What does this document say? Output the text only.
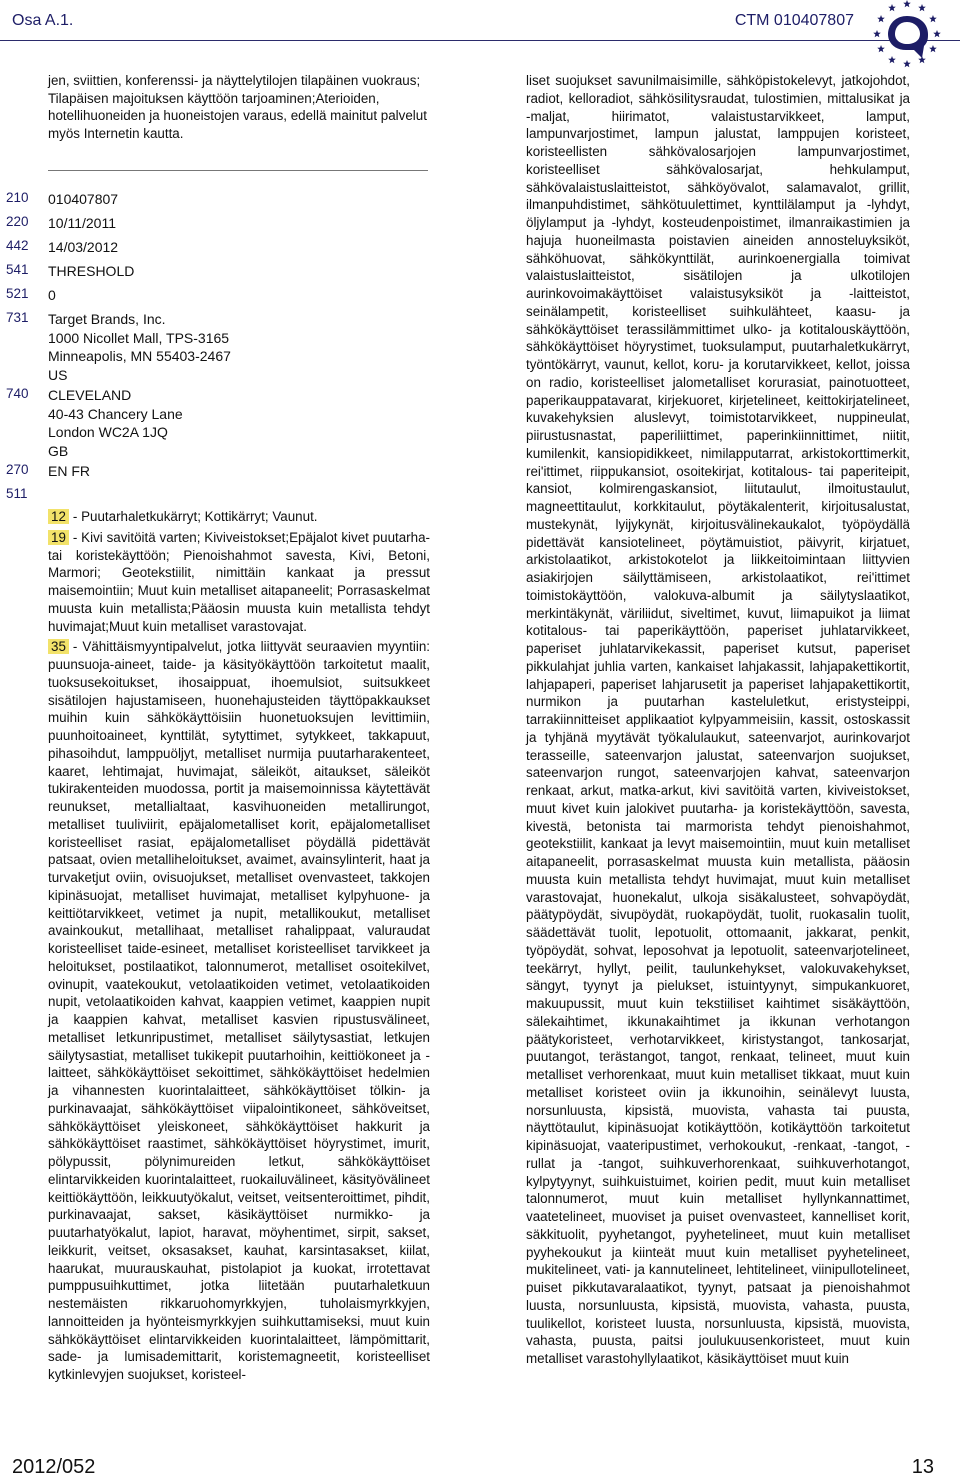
Osa A.1.	CTM 010407807

jen, sviittien, konferenssi- ja näyttelytilojen tilapäinen vuokraus; Tilapäisen majoituksen käyttöön tarjoaminen;Aterioiden, hotellihuoneiden ja huoneistojen varaus, edellä mainitut palvelut myös Internetin kautta.

210	010407807
220	10/11/2011
442	14/03/2012
541	THRESHOLD
521	0
731	Target Brands, Inc.
1000 Nicollet Mall, TPS-3165
Minneapolis, MN 55403-2467
US
740	CLEVELAND
40-43 Chancery Lane
London WC2A 1JQ
GB
270	EN FR
511

12 - Puutarhaletkukärryt; Kottikärryt; Vaunut.

19 - Kivi savitöitä varten; Kiviveistokset;Epäjalot kivet puutarha- tai koristekäyttöön; Pienoishahmot savesta, Kivi, Betoni, Marmori; Geotekstiilit, nimittäin kankaat ja pressut maisemointiin; Muut kuin metalliset aitapaneelit; Porrasaskelmat muusta kuin metallista;Pääosin muusta kuin metallista tehdyt huvimajat;Muut kuin metalliset varastovajat.

35 - Vähittäismyyntipalvelut, jotka liittyvät seuraavien myyntiin: puunsuoja-aineet, taide- ja käsityökäyttöön tarkoitetut maalit, tuoksusekoitukset, ihosaippuat, ihoemulsiot, suitsukkeet sisätilojen hajustamiseen, huonehajusteiden täyttöpakkaukset muihin kuin sähkökäyttöisiin huonetuoksujen levittimiin, puunhoitoaineet, kynttilät, sytyttimet, sytykkeet, takkapuut, pihasoihdut, lamppuöljyt, metalliset nurmija puutarharakenteet, kaaret, lehtimajat, huvimajat, säleiköt, aitaukset, säleiköt tukirakenteiden muodossa, portit ja maisemoinnissa käytettävät reunukset, metallialtaat, kasvihuoneiden metallirungot, metalliset tuuliviirit, epäjalometalliset korit, epäjalometalliset koristeelliset rasiat, epäjalometalliset pöydällä pidettävät patsaat, ovien metalliheloitukset, avaimet, avainsylinterit, haat ja turvaketjut oviin, ovisuojukset, metalliset ovenvasteet, takkojen kipinäsuojat, metalliset huvimajat, metalliset kylpyhuone- ja keittiötarvikkeet, vetimet ja nupit, metallikoukut, metalliset avainkoukut, metallihaat, metalliset rahalippaat, valuraudat koristeelliset taide-esineet, metalliset koristeelliset tarvikkeet ja heloitukset, postilaatikot, talonnumerot, metalliset osoitekilvet, ovinupit, vaatekoukut, vetolaatikoiden vetimet, vetolaatikoiden nupit, vetolaatikoiden kahvat, kaappien vetimet, kaappien nupit ja kaappien kahvat, metalliset kasvien ripustusvälineet, metalliset letkunripustimet, metalliset säilytysastiat, letkujen säilytysastiat, metalliset tukikepit puutarhoihin, keittiökoneet ja -laitteet, sähkökäyttöiset sekoittimet, sähkökäyttöiset hedelmien ja vihannesten kuorintalaitteet, sähkökäyttöiset tölkin- ja purkinavaajat, sähkökäyttöiset viipalointikoneet, sähköveitset, sähkökäyttöiset yleiskoneet, sähkökäyttöiset hakkurit ja sähkökäyttöiset raastimet, sähkökäyttöiset höyrystimet, imurit, pölypussit, pölynimureiden letkut, sähkökäyttöiset elintarvikkeiden kuorintalaitteet, ruokailuvälineet, käsityövälineet keittiökäyttöön, leikkuutyökalut, veitset, veitsenteroittimet, pihdit, purkinavaajat, sakset, käsikäyttöiset nurmikko- ja puutarhatyökalut, lapiot, haravat, möyhentimet, sirpit, sakset, leikkurit, veitset, oksasakset, kauhat, karsintasakset, kiilat, haarukat, muurauskauhat, pistolapiot ja kuokat, irrotettavat pumppusuihkuttimet, jotka liitetään puutarhaletkuun nestemäisten rikkaruohomyrkkyjen, tuholaismyrkkyjen, lannoitteiden ja hyönteismyrkkyjen suihkuttamiseksi, muut kuin sähkökäyttöiset elintarvikkeiden kuorintalaitteet, lämpömittarit, sade- ja lumisademittarit, koristemagneetit, koristeelliset kytkinlevyjen suojukset, koristeel-

liset suojukset savunilmaisimille, sähköpistokelevyt, jatkojohdot, radiot, kelloradiot, sähkösilitysraudat, tulostimien, mittalusikat ja -maljat, hiirimatot, valaistustarvikkeet, lamput, lampunvarjostimet, lampun jalustat, lamppujen koristeet, koristeellisten sähkövalosarjojen lampunvarjostimet, koristeelliset sähkövalosarjat, hehkulamput, sähkövalaistuslaitteistot, sähköyövalot, salamavalot, grillit, ilmanpuhdistimet, sähkötuulettimet, kynttilälamput ja -lyhdyt, öljylamput ja -lyhdyt, kosteudenpoistimet, ilmanraikastimien ja hajuja huoneilmasta poistavien aineiden annosteluyksiköt, sähköhuovat, sähkökynttilät, aurinkoenergialla toimivat valaistuslaitteistot, sisätilojen ja ulkotilojen aurinkovoimakäyttöiset valaistusyksiköt ja -laitteistot, seinälampetit, koristeelliset suihkulähteet, kaasu- ja sähkökäyttöiset terassilämmittimet ulko- ja kotitalouskäyttöön, sähkökäyttöiset höyrystimet, tuoksulamput, puutarhaletkukärryt, työntökärryt, vaunut, kellot, koru- ja korutarvikkeet, kellot, joissa on radio, koristeelliset jalometalliset korurasiat, painotuotteet, paperikauppatavarat, kirjekuoret, kirjetelineet, keittokirjatelineet, kuvakehyksien aluslevyt, toimistotarvikkeet, nuppineulat, piirustusnastat, paperiliittimet, paperinkiinnittimet, niitit, kumilenkit, kansiopidikkeet, nimilapputarrat, arkistokorttimerkit, rei'ittimet, riippukansiot, osoitekirjat, kotitalous- tai paperiteipit, kansiot, kolmirengaskansiot, liitutaulut, ilmoitustaulut, magneettitaulut, korkkitaulut, pöytäkalenterit, kirjoitusalustat, mustekynät, lyijykynät, kirjoitusvälinekaukalot, työpöydällä pidettävät kansiotelineet, pöytämuistiot, päivyrit, kirjatuet, arkistolaatikot, arkistokotelot ja liikkeitoimintaan liittyvien asiakirjojen säilyttämiseen, arkistolaatikot, rei'ittimet toimistokäyttöön, valokuva-albumit ja säilytyslaatikot, merkintäkynät, väriliidut, siveltimet, kuvut, liimapuikot ja liimat kotitalous- tai paperikäyttöön, paperiset juhlatarvikkeet, paperiset juhlatarvikekassit, paperiset kutsut, paperiset pikkulahjat juhlia varten, kankaiset lahjakassit, lahjapakettikortit, lahjapaperi, paperiset lahjarusetit ja paperiset lahjapakettikortit, nurmikon ja puutarhan kasteluletkut, eristysteippi, tarrakiinnitteiset applikaatiot kylpyammeisiin, kassit, ostoskassit ja tyhjänä myytävät työkalulaukut, sateenvarjot, aurinkovarjot terasseille, sateenvarjon jalustat, sateenvarjon suojukset, sateenvarjon rungot, sateenvarjojen kahvat, sateenvarjon renkaat, arkut, matka-arkut, kivi savitöitä varten, kiviveistokset, muut kivet kuin jalokivet puutarha- ja koristekäyttöön, savesta, kivestä, betonista tai marmorista tehdyt pienoishahmot, geotekstiilit, kankaat ja levyt maisemointiin, muut kuin metalliset aitapaneelit, porrasaskelmat muusta kuin metallista, pääosin muusta kuin metallista tehdyt huvimajat, muut kuin metalliset varastovajat, huonekalut, ulkoja sisäkalusteet, sohvapöydät, päätypöydät, sivupöydät, ruokapöydät, tuolit, ruokasalin tuolit, säädettävät tuolit, lepotuolit, ottomaanit, jakkarat, penkit, työpöydät, sohvat, leposohvat ja lepotuolit, sateenvarjotelineet, teekärryt, hyllyt, peilit, taulunkehykset, valokuvakehykset, sängyt, tyynyt ja pielukset, istuintyynyt, simpukankuoret, makuupussit, muut kuin tekstiiliset kaihtimet sisäkäyttöön, sälekaihtimet, ikkunakaihtimet ja ikkunan verhotangon päätykoristeet, verhotarvikkeet, kiristystangot, tankosarjat, puutangot, terästangot, tangot, renkaat, telineet, muut kuin metalliset verhorenkaat, muut kuin metalliset tikkaat, muut kuin metalliset koristeet oviin ja ikkunoihin, seinälevyt luusta, norsunluusta, kipsistä, muovista, vahasta tai puusta, näyttötaulut, kipinäsuojat kotikäyttöön, kotikäyttöön tarkoitetut kipinäsuojat, vaateripustimet, verhokoukut, -renkaat, -tangot, -rullat ja -tangot, suihkuverhorenkaat, suihkuverhotangot, kylpytyynyt, suihkuistuimet, koirien pedit, muut kuin metalliset talonnumerot, muut kuin metalliset hyllynkannattimet, vaatetelineet, muoviset ja puiset ovenvasteet, kannelliset korit, säkkituolit, pyyhetangot, pyyhetelineet, muut kuin metalliset pyyhekoukut ja kiinteät muut kuin metalliset pyyhetelineet, mukitelineet, vati- ja kannutelineet, lehtitelineet, viinipullotelineet, puiset pikkutavaralaatikot, tyynyt, patsaat ja pienoishahmot luusta, norsunluusta, kipsistä, muovista, vahasta, puusta, tuulikellot, koristeet luusta, norsunluusta, kipsistä, muovista, vahasta, puusta, paitsi joulukuusenkoristeet, muut kuin metalliset varastohyllylaatikot, käsikäyttöiset muut kuin

2012/052	13
